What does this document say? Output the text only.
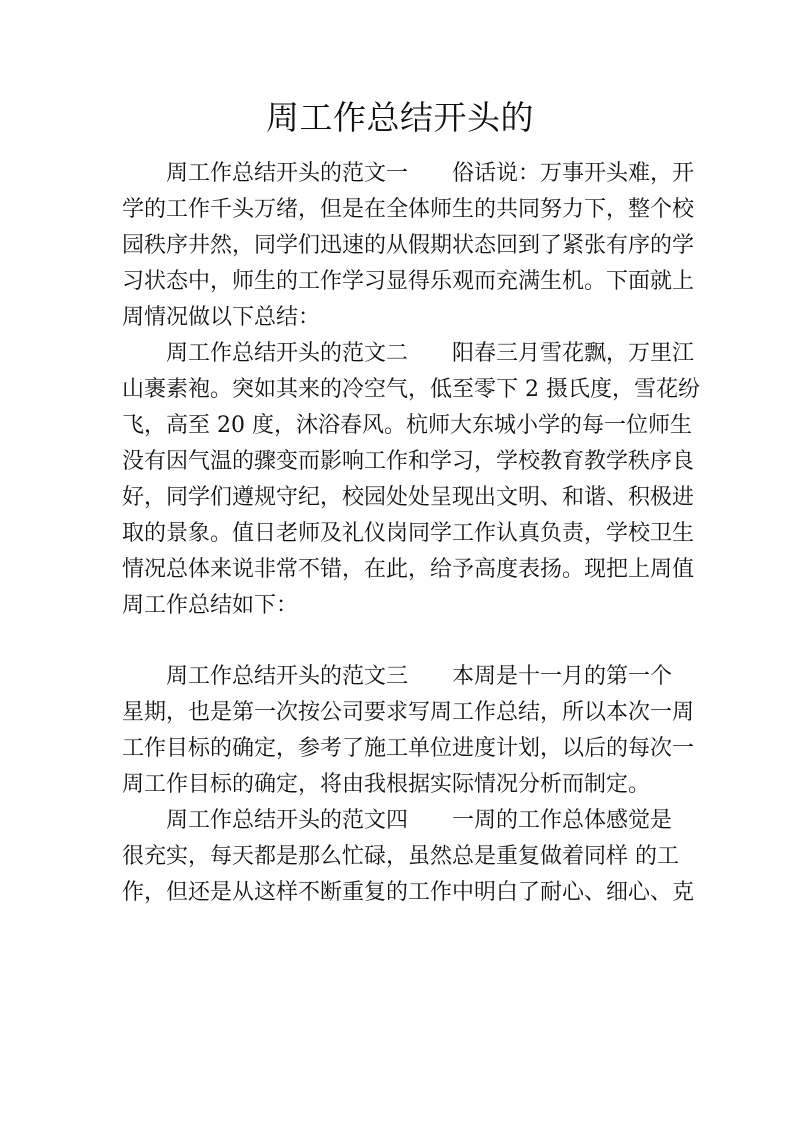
周工作总结开头的

　　周工作总结开头的范文一　　俗话说：万事开头难，开
学的工作千头万绪，但是在全体师生的共同努力下，整个校
园秩序井然，同学们迅速的从假期状态回到了紧张有序的学
习状态中，师生的工作学习显得乐观而充满生机。下面就上
周情况做以下总结：

　　周工作总结开头的范文二　　阳春三月雪花飘，万里江
山裹素袍。突如其来的冷空气，低至零下 2 摄氏度，雪花纷
飞，高至 20 度，沐浴春风。杭师大东城小学的每一位师生
没有因气温的骤变而影响工作和学习，学校教育教学秩序良
好，同学们遵规守纪，校园处处呈现出文明、和谐、积极进
取的景象。值日老师及礼仪岗同学工作认真负责，学校卫生
情况总体来说非常不错，在此，给予高度表扬。现把上周值
周工作总结如下：

　　周工作总结开头的范文三　　本周是十一月的第一个
星期，也是第一次按公司要求写周工作总结，所以本次一周
工作目标的确定，参考了施工单位进度计划，以后的每次一
周工作目标的确定，将由我根据实际情况分析而制定。

　　周工作总结开头的范文四　　一周的工作总体感觉是
很充实，每天都是那么忙碌，虽然总是重复做着同样 的工
作，但还是从这样不断重复的工作中明白了耐心、细心、克
